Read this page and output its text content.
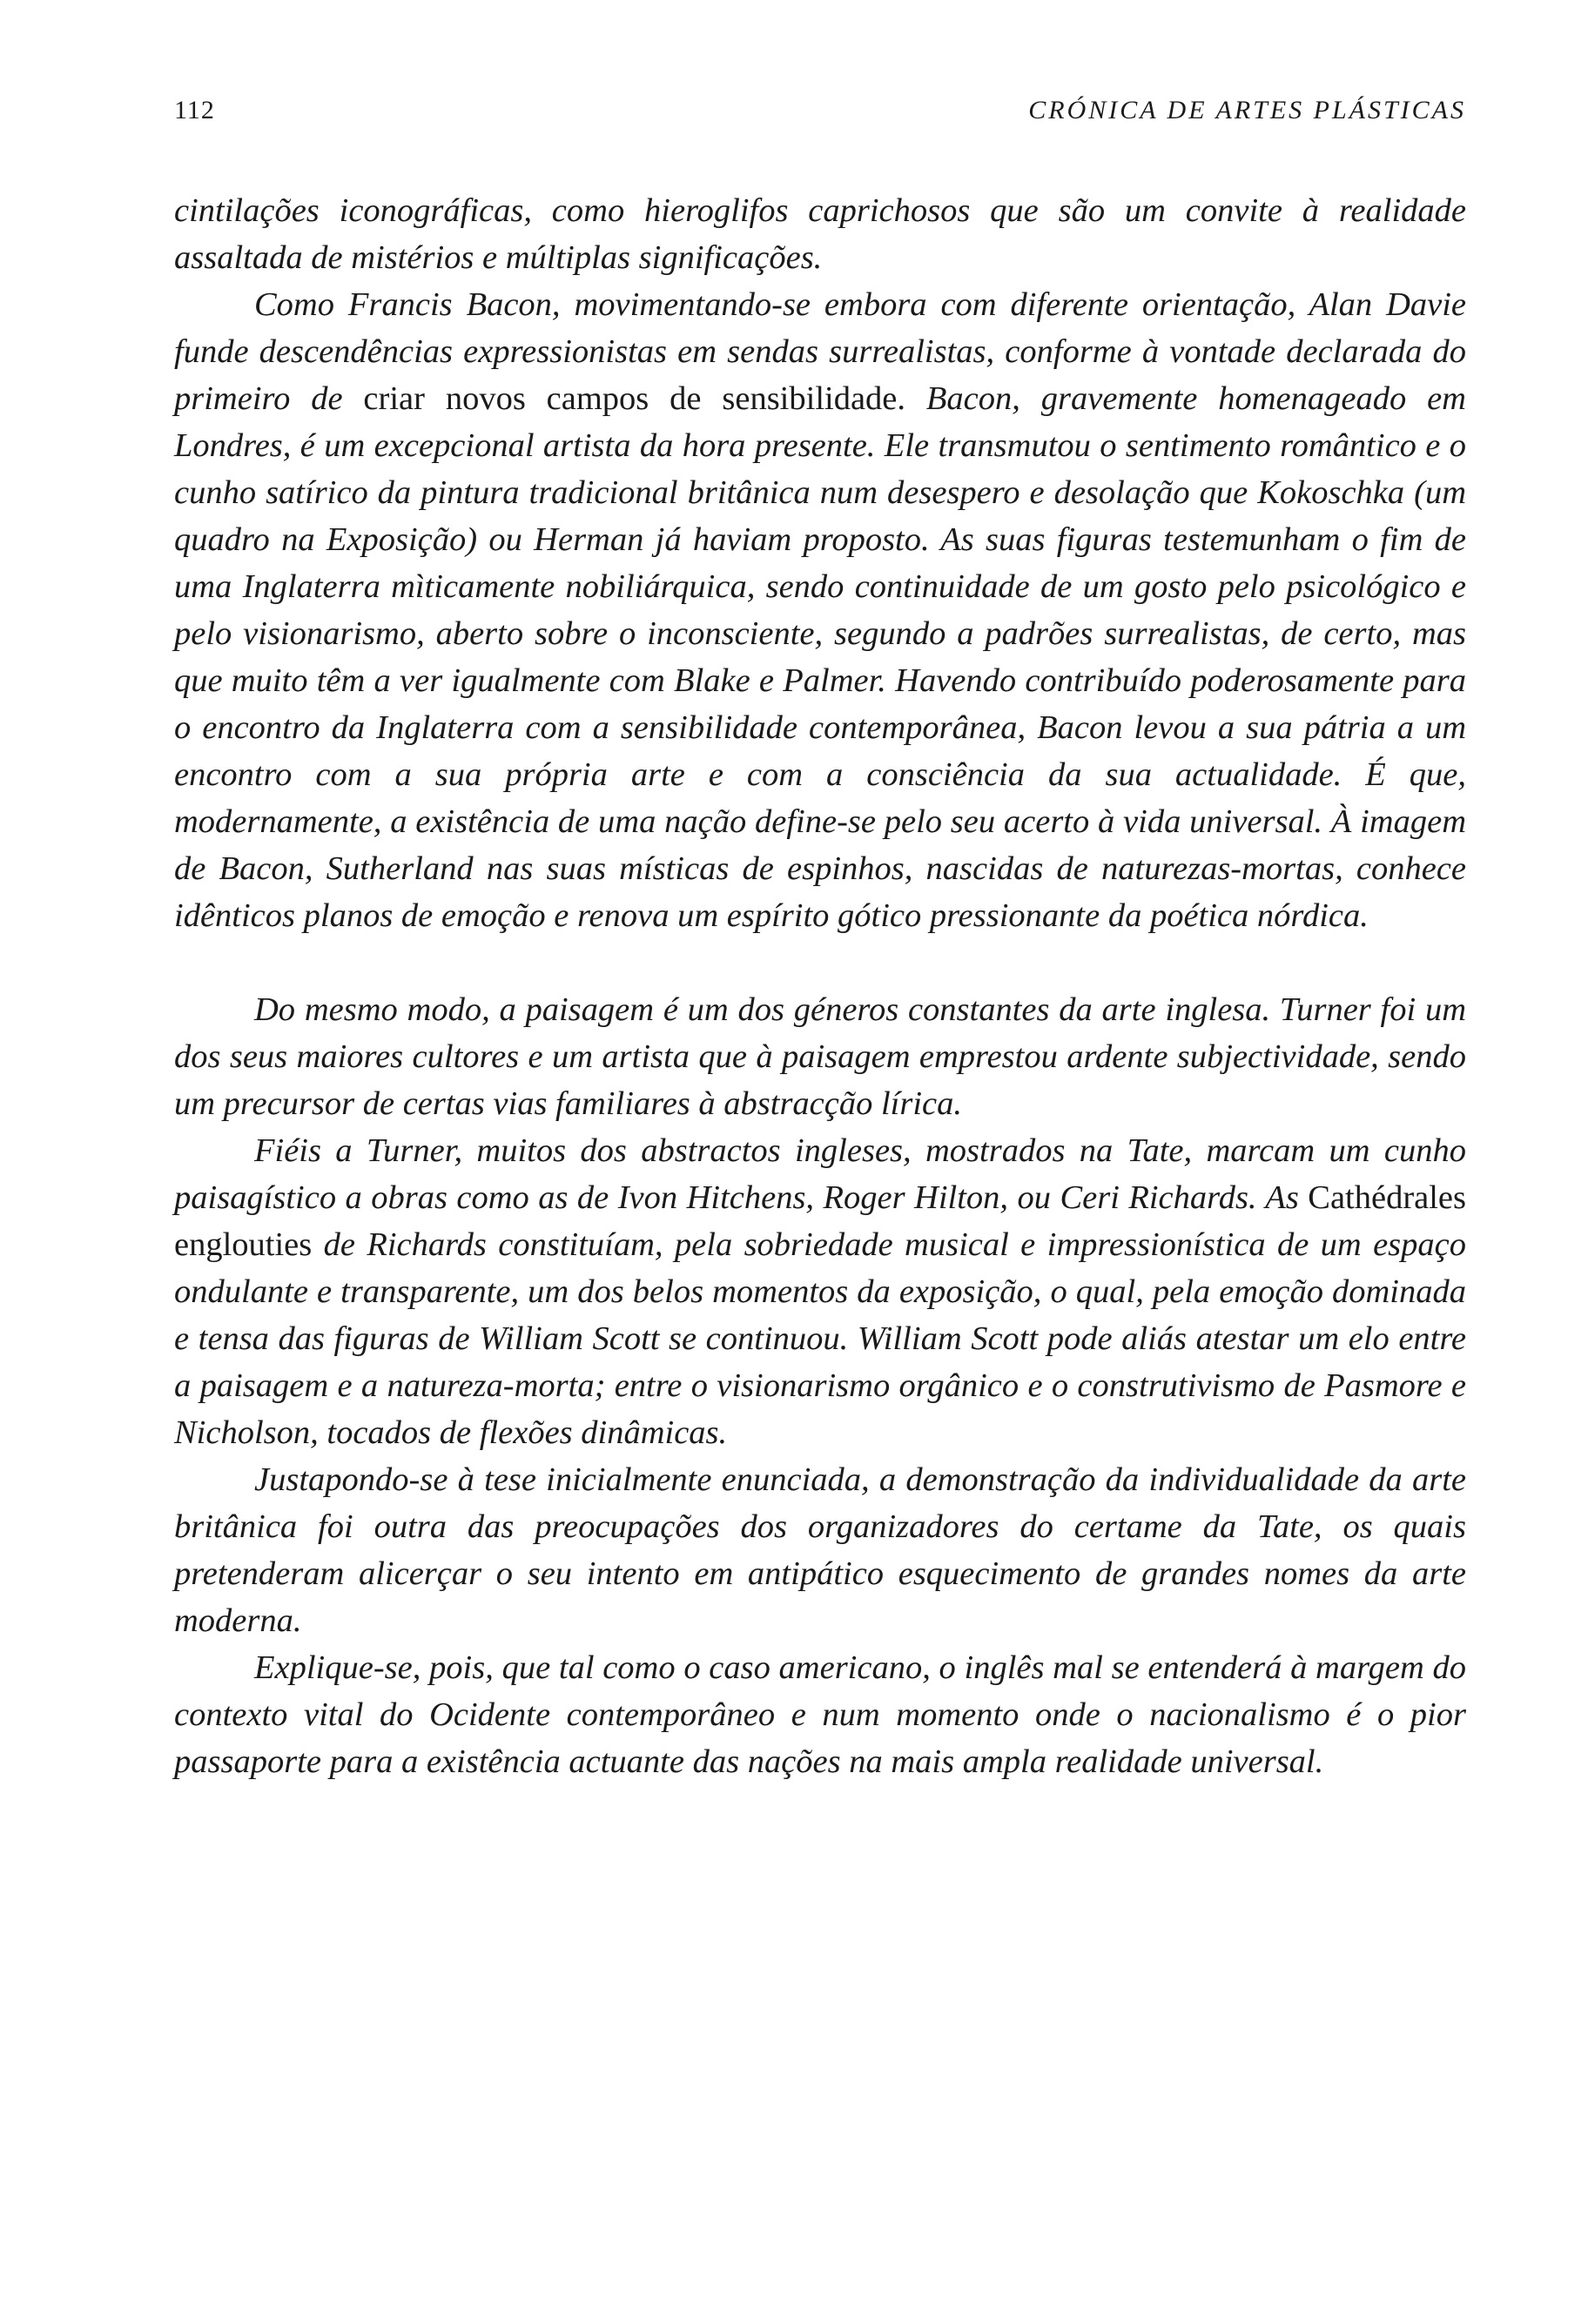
112	CRÓNICA DE ARTES PLÁSTICAS

cintilações iconográficas, como hieroglifos caprichosos que são um convite à realidade assaltada de mistérios e múltiplas significações.

Como Francis Bacon, movimentando-se embora com diferente orientação, Alan Davie funde descendências expressionistas em sendas surrealistas, conforme à vontade declarada do primeiro de criar novos campos de sensibilidade. Bacon, gravemente homenageado em Londres, é um excepcional artista da hora presente. Ele transmutou o sentimento romântico e o cunho satírico da pintura tradicional britânica num desespero e desolação que Kokoschka (um quadro na Exposição) ou Herman já haviam proposto. As suas figuras testemunham o fim de uma Inglaterra mìticamente nobiliárquica, sendo continuidade de um gosto pelo psicológico e pelo visionarismo, aberto sobre o inconsciente, segundo a padrões surrealistas, de certo, mas que muito têm a ver igualmente com Blake e Palmer. Havendo contribuído poderosamente para o encontro da Inglaterra com a sensibilidade contemporânea, Bacon levou a sua pátria a um encontro com a sua própria arte e com a consciência da sua actualidade. É que, modernamente, a existência de uma nação define-se pelo seu acerto à vida universal. À imagem de Bacon, Sutherland nas suas místicas de espinhos, nascidas de naturezas-mortas, conhece idênticos planos de emoção e renova um espírito gótico pressionante da poética nórdica.

Do mesmo modo, a paisagem é um dos géneros constantes da arte inglesa. Turner foi um dos seus maiores cultores e um artista que à paisagem emprestou ardente subjectividade, sendo um precursor de certas vias familiares à abstracção lírica.

Fiéis a Turner, muitos dos abstractos ingleses, mostrados na Tate, marcam um cunho paisagístico a obras como as de Ivon Hitchens, Roger Hilton, ou Ceri Richards. As Cathédrales englouties de Richards constituíam, pela sobriedade musical e impressionística de um espaço ondulante e transparente, um dos belos momentos da exposição, o qual, pela emoção dominada e tensa das figuras de William Scott se continuou. William Scott pode aliás atestar um elo entre a paisagem e a natureza-morta; entre o visionarismo orgânico e o construtivismo de Pasmore e Nicholson, tocados de flexões dinâmicas.

Justapondo-se à tese inicialmente enunciada, a demonstração da individualidade da arte britânica foi outra das preocupações dos organizadores do certame da Tate, os quais pretenderam alicerçar o seu intento em antipático esquecimento de grandes nomes da arte moderna.

Explique-se, pois, que tal como o caso americano, o inglês mal se entenderá à margem do contexto vital do Ocidente contemporâneo e num momento onde o nacionalismo é o pior passaporte para a existência actuante das nações na mais ampla realidade universal.
